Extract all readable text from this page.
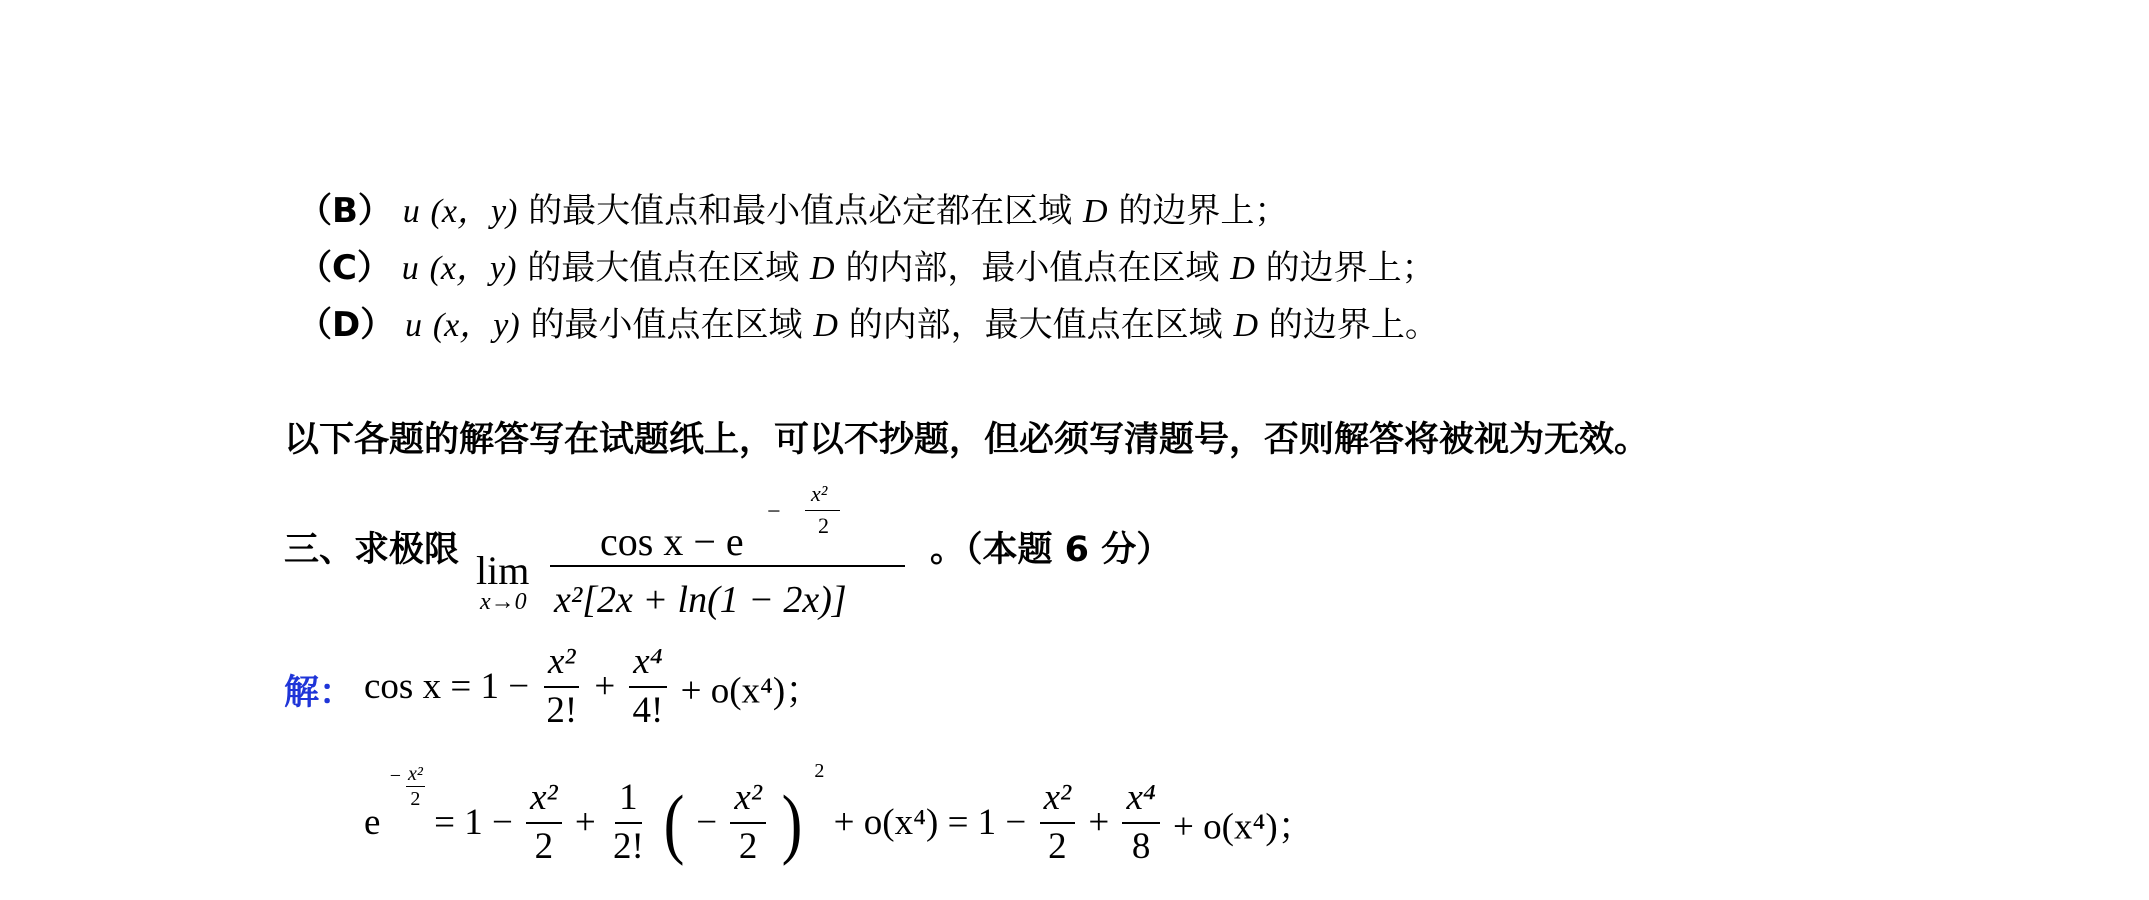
（B） u (x，y) 的最大值点和最小值点必定都在区域 D 的边界上；
（C） u (x，y) 的最大值点在区域 D 的内部，最小值点在区域 D 的边界上；
（D） u (x，y) 的最小值点在区域 D 的内部，最大值点在区域 D 的边界上。
以下各题的解答写在试题纸上，可以不抄题，但必须写清题号，否则解答将被视为无效。
三、求极限 lim
x→0
cos x − e
−
x²
2
x²[2x + ln(1 − 2x)]
。（本题 6 分）
解： $\cos x = 1 - \frac{\text{x²}}{2!} + \frac{\text{x⁴}}{4!} + o(x^4)$；
$e - \frac{\text{x²}}{2}$
= $1 - \frac{\text{x²}}{2} + \frac{1}{2!}$ ( − $\frac{\text{x²}}{2}$ ) $^2 + o(x^4) = 1 - \frac{\text{x²}}{2} + \frac{\text{x⁴}}{8} + o(x^4)$；
